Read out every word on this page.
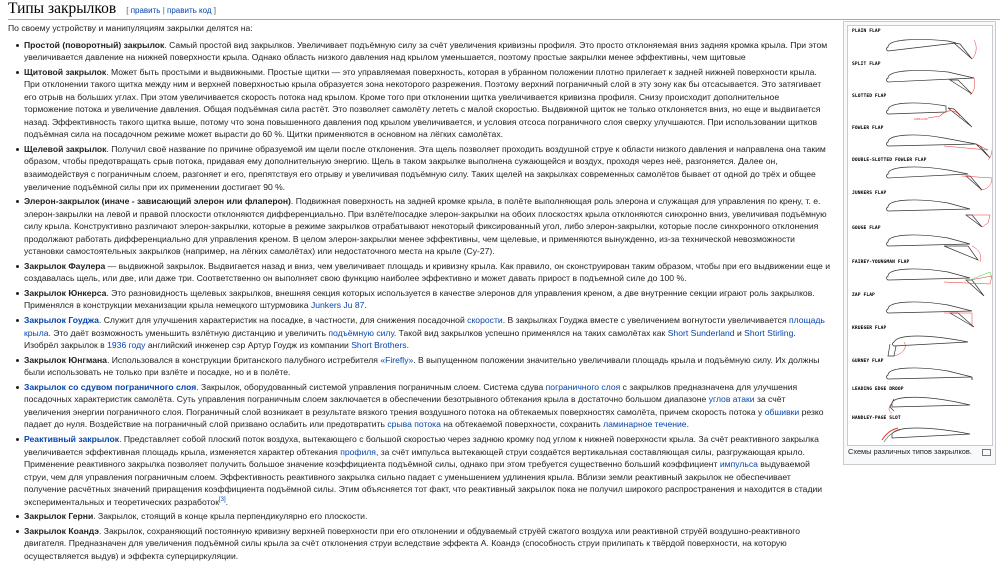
Типы закрылков [ править | править код ]

По своему устройству и манипуляциям закрылки делятся на:

Простой (поворотный) закрылок. Самый простой вид закрылков. Увеличивает подъёмную силу за счёт увеличения кривизны профиля. Это просто отклоняемая вниз задняя кромка крыла. При этом увеличивается давление на нижней поверхности крыла. Однако область низкого давления над крылом уменьшается, поэтому простые закрылки менее эффективны, чем щитовые
Щитовой закрылок. Может быть простыми и выдвижными. Простые щитки — это управляемая поверхность, которая в убранном положении плотно прилегает к задней нижней поверхности крыла. При отклонении такого щитка между ним и верхней поверхностью крыла образуется зона некоторого разрежения. Поэтому верхний пограничный слой в эту зону как бы отсасывается. Это затягивает его отрыв на больших углах. При этом увеличивается скорость потока над крылом. Кроме того при отклонении щитка увеличивается кривизна профиля. Снизу происходит дополнительное торможение потока и увеличение давления. Общая подъёмная сила растёт. Это позволяет самолёту лететь с малой скоростью. Выдвижной щиток не только отклоняется вниз, но еще и выдвигается назад. Эффективность такого щитка выше, потому что зона повышенного давления под крылом увеличивается, и условия отсоса пограничного слоя сверху улучшаются. При использовании щитков подъёмная сила на посадочном режиме может вырасти до 60 %. Щитки применяются в основном на лёгких самолётах.
Щелевой закрылок. Получил своё название по причине образуемой им щели после отклонения. Эта щель позволяет проходить воздушной струе к области низкого давления и направлена она таким образом, чтобы предотвращать срыв потока, придавая ему дополнительную энергию. Щель в таком закрылке выполнена сужающейся и воздух, проходя через неё, разгоняется. Далее он, взаимодействуя с пограничным слоем, разгоняет и его, препятствуя его отрыву и увеличивая подъёмную силу. Таких щелей на закрылках современных самолётов бывает от одной до трёх и общее увеличение подъёмной силы при их применении достигает 90 %.
Элерон-закрылок (иначе - зависающий элерон или флаперон). Подвижная поверхность на задней кромке крыла, в полёте выполняющая роль элерона и служащая для управления по крену, т. е. элерон-закрылки на левой и правой плоскости отклоняются дифференциально. При взлёте/посадке элерон-закрылки на обоих плоскостях крыла отклоняются синхронно вниз, увеличивая подъёмную силу крыла. Конструктивно различают элерон-закрылки, которые в режиме закрылков отрабатывают некоторый фиксированный угол, либо элерон-закрылки, которые после синхронного отклонения продолжают работать дифференциально для управления креном. В целом элерон-закрылки менее эффективны, чем щелевые, и применяются вынужденно, из-за технической невозможности установки самостоятельных закрылков (например, на лёгких самолётах) или недостаточного места на крыле (Су-27).
Закрылок Фаулера — выдвижной закрылок. Выдвигается назад и вниз, чем увеличивает площадь и кривизну крыла. Как правило, он сконструирован таким образом, чтобы при его выдвижении еще и создавалась щель, или две, или даже три. Соответственно он выполняет свою функцию наиболее эффективно и может давать прирост в подъемной силе до 100 %.
Закрылок Юнкерса. Это разновидность щелевых закрылков, внешняя секция которых используется в качестве элеронов для управления креном, а две внутренние секции играют роль закрылков. Применялся в конструкции механизации крыла немецкого штурмовика Junkers Ju 87.
Закрылок Гоуджа. Служит для улучшения характеристик на посадке, в частности, для снижения посадочной скорости. В закрылках Гоуджа вместе с увеличением вогнутости увеличивается площадь крыла. Это даёт возможность уменьшить взлётную дистанцию и увеличить подъёмную силу. Такой вид закрылков успешно применялся на таких самолётах как Short Sunderland и Short Stirling. Изобрёл закрылок в 1936 году английский инженер сэр Артур Гоудж из компании Short Brothers.
Закрылок Юнгмана. Использовался в конструкции британского палубного истребителя «Firefly». В выпущенном положении значительно увеличивали площадь крыла и подъёмную силу. Их должны были использовать не только при взлёте и посадке, но и в полёте.
Закрылок со сдувом пограничного слоя. Закрылок, оборудованный системой управления пограничным слоем. Система сдува пограничного слоя с закрылков предназначена для улучшения посадочных характеристик самолёта. Суть управления пограничным слоем заключается в обеспечении безотрывного обтекания крыла в достаточно большом диапазоне углов атаки за счёт увеличения энергии пограничного слоя. Пограничный слой возникает в результате вязкого трения воздушного потока на обтекаемых поверхностях самолёта, причем скорость потока у обшивки резко падает до нуля. Воздействие на пограничный слой призвано ослабить или предотвратить срыва потока на обтекаемой поверхности, сохранить ламинарное течение.
Реактивный закрылок. Представляет собой плоский поток воздуха, вытекающего с большой скоростью через заднюю кромку под углом к нижней поверхности крыла. За счёт реактивного закрылка увеличивается эффективная площадь крыла, изменяется характер обтекания профиля, за счёт импульса вытекающей струи создаётся вертикальная составляющая силы, разгружающая крыло. Применение реактивного закрылка позволяет получить большое значение коэффициента подъёмной силы, однако при этом требуется существенно больший коэффициент импульса выдуваемой струи, чем для управления пограничным слоем. Эффективность реактивного закрылка сильно падает с уменьшением удлинения крыла. Вблизи земли реактивный закрылок не обеспечивает получение расчётных значений приращения коэффициента подъёмной силы. Этим объясняется тот факт, что реактивный закрылок пока не получил широкого распространения и находится в стадии экспериментальных и теоретических разработок[3].
Закрылок Герни. Закрылок, стоящий в конце крыла перпендикулярно его плоскости.
Закрылок Коандэ. Закрылок, сохраняющий постоянную кривизну верхней поверхности при его отклонении и обдуваемый струёй сжатого воздуха или реактивной струёй воздушно-реактивного двигателя. Предназначен для увеличения подъёмной силы крыла за счёт отклонения струи вследствие эффекта А. Коандэ (способность струи прилипать к твёрдой поверхности, на которую осуществляется выдув) и эффекта суперциркуляции.
PLAIN FLAP
SPLIT FLAP
SLOTTED FLAP
AIRFLOW
FOWLER FLAP
DOUBLE-SLOTTED FOWLER FLAP
JUNKERS FLAP
GOUGE FLAP
FAIREY-YOUNGMAN FLAP
ZAP FLAP
KRUEGER FLAP
GURNEY FLAP
LEADING EDGE DROOP
HANDLEY-PAGE SLOT
Схемы различных типов закрылков.
